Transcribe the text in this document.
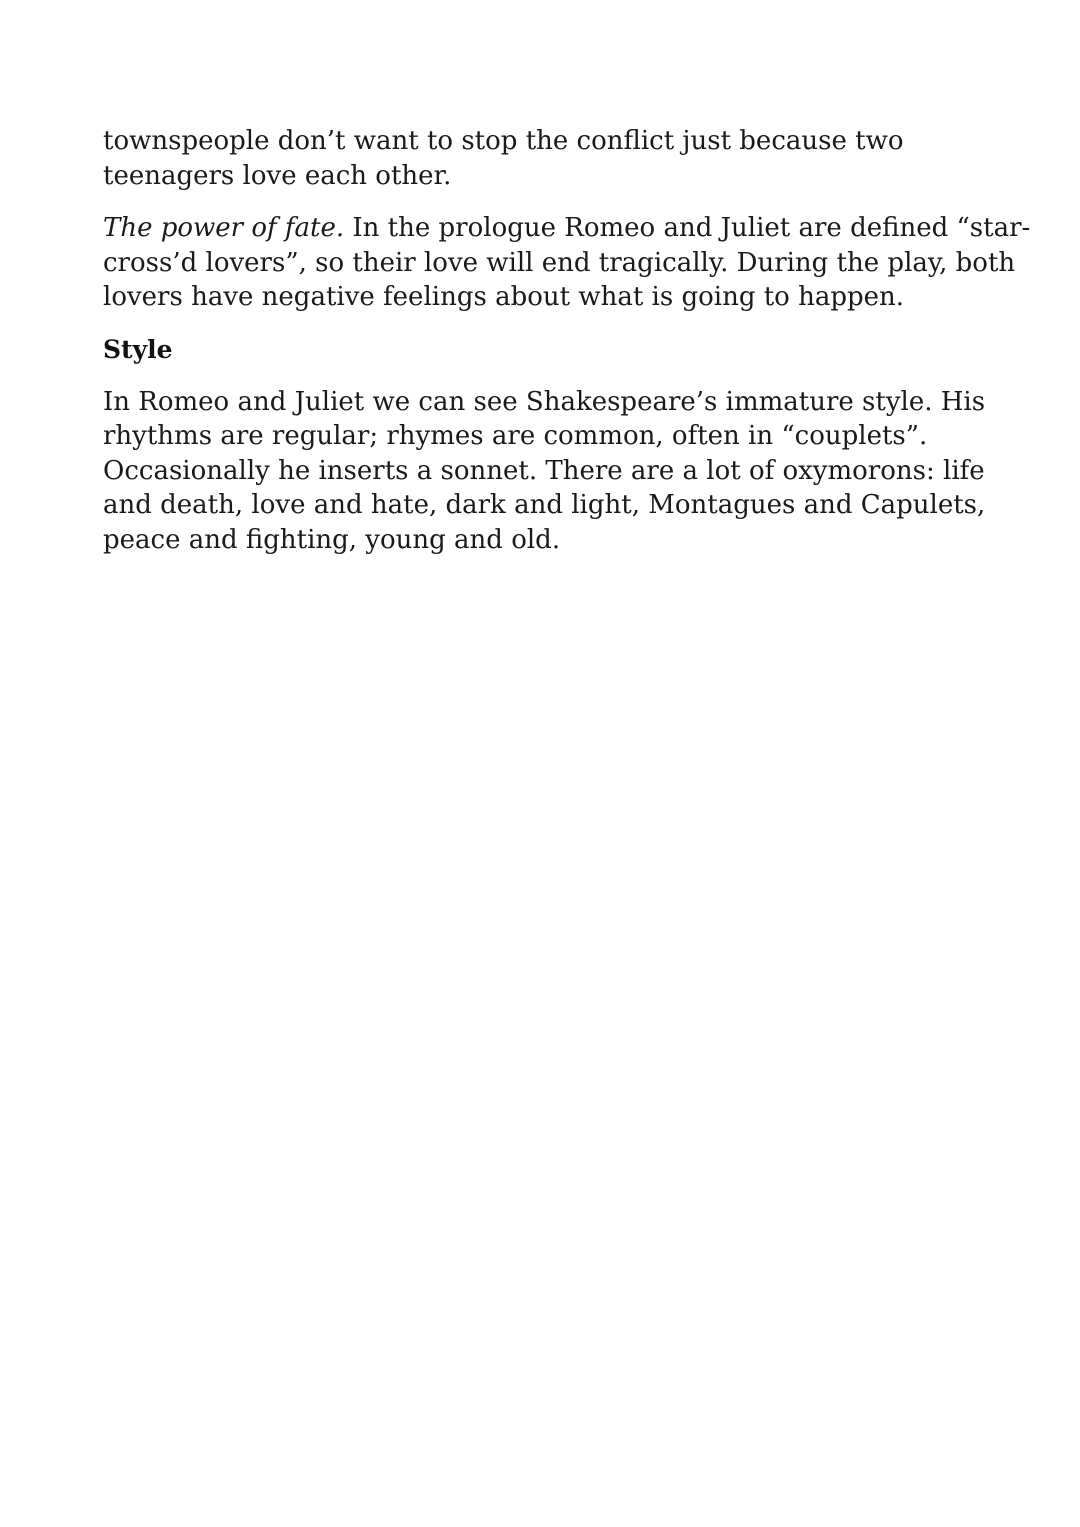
townspeople don’t want to stop the conflict just because two
teenagers love each other.

The power of fate. In the prologue Romeo and Juliet are defined “star-
cross’d lovers”, so their love will end tragically. During the play, both
lovers have negative feelings about what is going to happen.

Style

In Romeo and Juliet we can see Shakespeare’s immature style. His
rhythms are regular; rhymes are common, often in “couplets”.
Occasionally he inserts a sonnet. There are a lot of oxymorons: life
and death, love and hate, dark and light, Montagues and Capulets,
peace and fighting, young and old.
